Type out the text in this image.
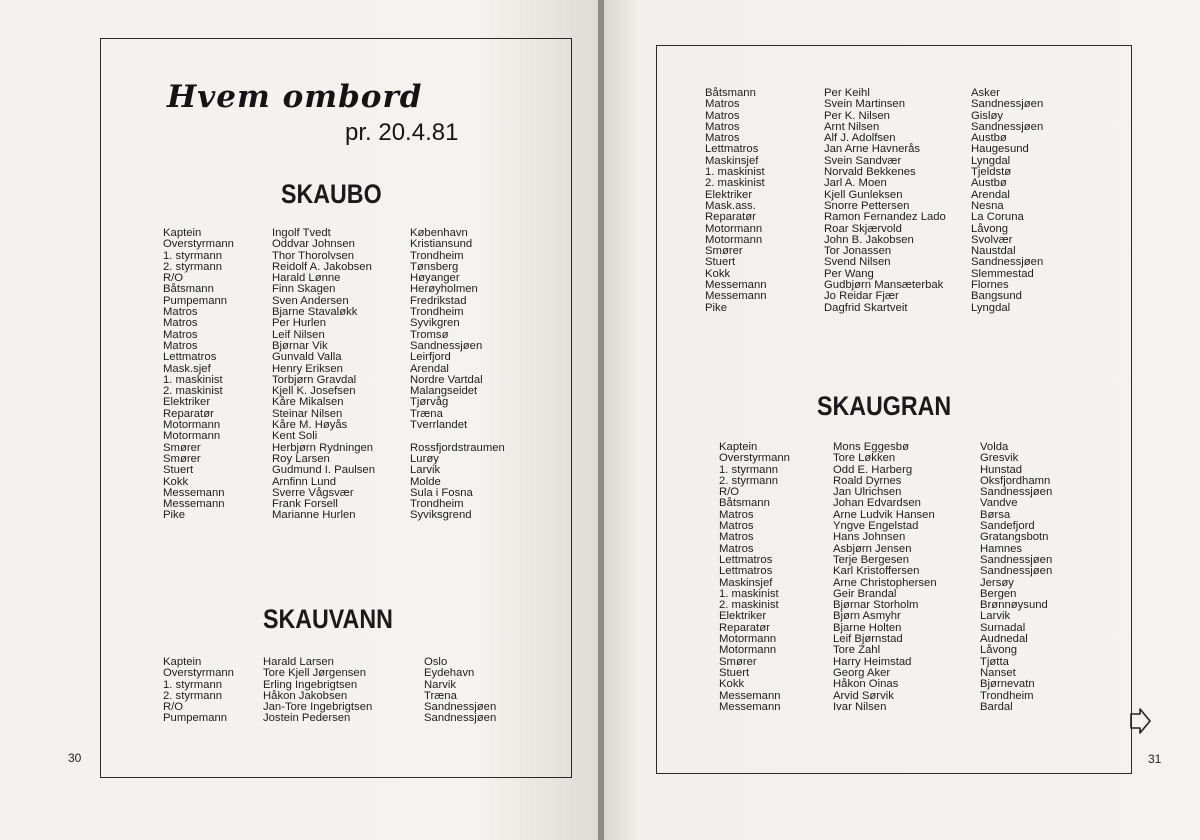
Hvem ombord
pr. 20.4.81
SKAUBO
Kaptein	Ingolf Tvedt	København
Overstyrmann	Oddvar Johnsen	Kristiansund
1. styrmann	Thor Thorolvsen	Trondheim
2. styrmann	Reidolf A. Jakobsen	Tønsberg
R/O	Harald Lønne	Høyanger
Båtsmann	Finn Skagen	Herøyholmen
Pumpemann	Sven Andersen	Fredrikstad
Matros	Bjarne Stavaløkk	Trondheim
Matros	Per Hurlen	Syvikgren
Matros	Leif Nilsen	Tromsø
Matros	Bjørnar Vik	Sandnessjøen
Lettmatros	Gunvald Valla	Leirfjord
Mask.sjef	Henry Eriksen	Arendal
1. maskinist	Torbjørn Gravdal	Nordre Vartdal
2. maskinist	Kjell K. Josefsen	Malangseidet
Elektriker	Kåre Mikalsen	Tjørvåg
Reparatør	Steinar Nilsen	Træna
Motormann	Kåre M. Høyås	Tverrlandet
Motormann	Kent Soli
Smører	Herbjørn Rydningen	Rossfjordstraumen
Smører	Roy Larsen	Lurøy
Stuert	Gudmund I. Paulsen	Larvik
Kokk	Arnfinn Lund	Molde
Messemann	Sverre Vågsvær	Sula i Fosna
Messemann	Frank Forsell	Trondheim
Pike	Marianne Hurlen	Syviksgrend
SKAUVANN
Kaptein	Harald Larsen	Oslo
Overstyrmann	Tore Kjell Jørgensen	Eydehavn
1. styrmann	Erling Ingebrigtsen	Narvik
2. styrmann	Håkon Jakobsen	Træna
R/O	Jan-Tore Ingebrigtsen	Sandnessjøen
Pumpemann	Jostein Pedersen	Sandnessjøen
30
Båtsmann	Per Keihl	Asker
Matros	Svein Martinsen	Sandnessjøen
Matros	Per K. Nilsen	Gisløy
Matros	Arnt Nilsen	Sandnessjøen
Matros	Alf J. Adolfsen	Austbø
Lettmatros	Jan Arne Havnerås	Haugesund
Maskinsjef	Svein Sandvær	Lyngdal
1. maskinist	Norvald Bekkenes	Tjeldstø
2. maskinist	Jarl A. Moen	Austbø
Elektriker	Kjell Gunleksen	Arendal
Mask.ass.	Snorre Pettersen	Nesna
Reparatør	Ramon Fernandez Lado La Coruna
Motormann	Roar Skjærvold	Låvong
Motormann	John B. Jakobsen	Svolvær
Smører	Tor Jonassen	Naustdal
Stuert	Svend Nilsen	Sandnessjøen
Kokk	Per Wang	Slemmestad
Messemann	Gudbjørn Mansæterbak Flornes
Messemann	Jo Reidar Fjær	Bangsund
Pike	Dagfrid Skartveit	Lyngdal
SKAUGRAN
Kaptein	Mons Eggesbø	Volda
Overstyrmann	Tore Løkken	Gresvik
1. styrmann	Odd E. Harberg	Hunstad
2. styrmann	Roald Dyrnes	Oksfjordhamn
R/O	Jan Ulrichsen	Sandnessjøen
Båtsmann	Johan Edvardsen	Vandve
Matros	Arne Ludvik Hansen	Børsa
Matros	Yngve Engelstad	Sandefjord
Matros	Hans Johnsen	Gratangsbotn
Matros	Asbjørn Jensen	Hamnes
Lettmatros	Terje Bergesen	Sandnessjøen
Lettmatros	Karl Kristoffersen	Sandnessjøen
Maskinsjef	Arne Christophersen	Jersøy
1. maskinist	Geir Brandal	Bergen
2. maskinist	Bjørnar Storholm	Brønnøysund
Elektriker	Bjørn Asmyhr	Larvik
Reparatør	Bjarne Holten	Surnadal
Motormann	Leif Bjørnstad	Audnedal
Motormann	Tore Zahl	Låvong
Smører	Harry Heimstad	Tjøtta
Stuert	Georg Aker	Nanset
Kokk	Håkon Oinas	Bjørnevatn
Messemann	Arvid Sørvik	Trondheim
Messemann	Ivar Nilsen	Bardal
31
